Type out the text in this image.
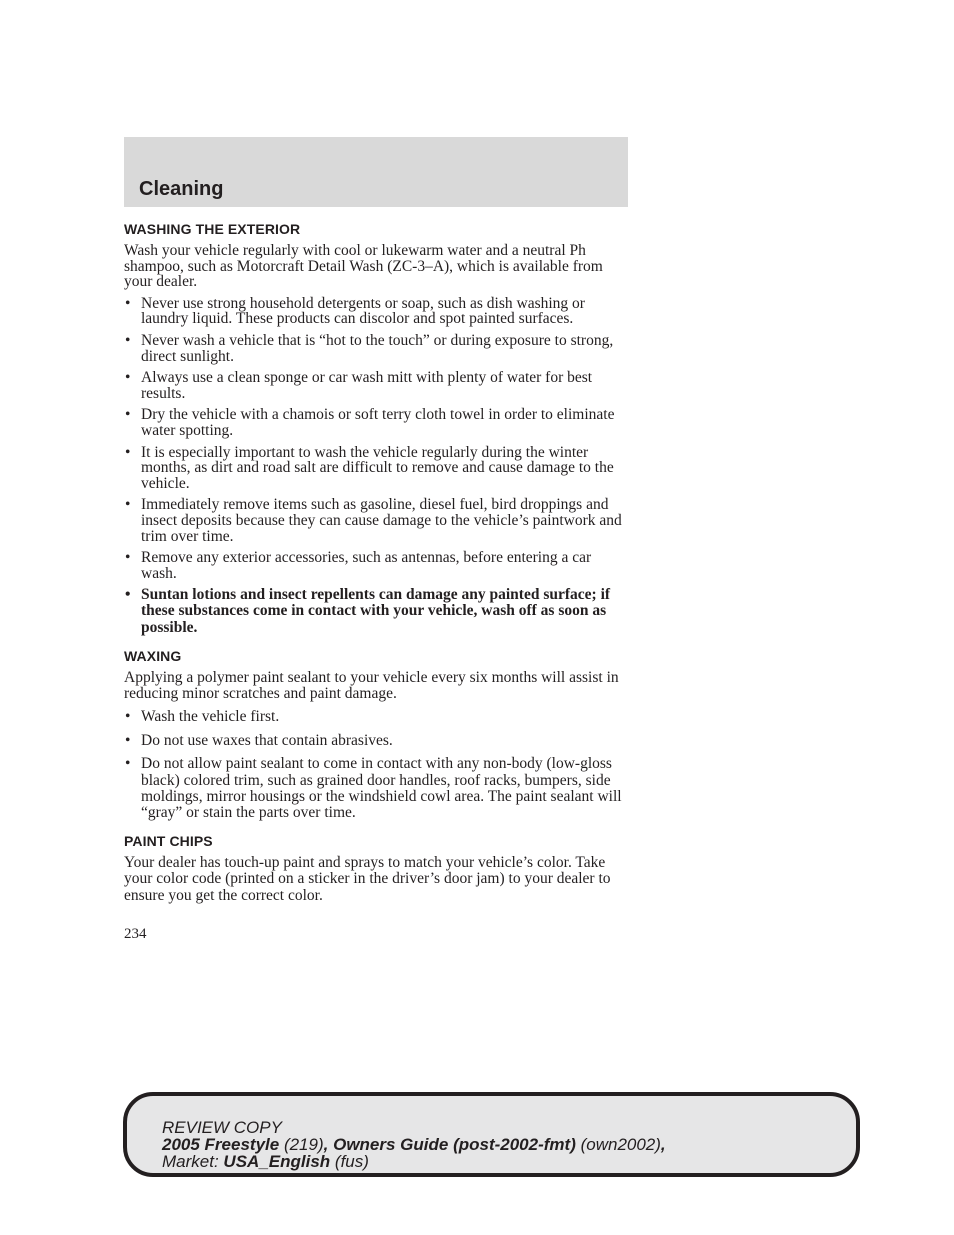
Cleaning
WASHING THE EXTERIOR

Wash your vehicle regularly with cool or lukewarm water and a neutral Ph shampoo, such as Motorcraft Detail Wash (ZC-3–A), which is available from your dealer.

• Never use strong household detergents or soap, such as dish washing or laundry liquid. These products can discolor and spot painted surfaces.
• Never wash a vehicle that is “hot to the touch” or during exposure to strong, direct sunlight.
• Always use a clean sponge or car wash mitt with plenty of water for best results.
• Dry the vehicle with a chamois or soft terry cloth towel in order to eliminate water spotting.
• It is especially important to wash the vehicle regularly during the winter months, as dirt and road salt are difficult to remove and cause damage to the vehicle.
• Immediately remove items such as gasoline, diesel fuel, bird droppings and insect deposits because they can cause damage to the vehicle’s paintwork and trim over time.
• Remove any exterior accessories, such as antennas, before entering a car wash.
• Suntan lotions and insect repellents can damage any painted surface; if these substances come in contact with your vehicle, wash off as soon as possible.
WAXING

Applying a polymer paint sealant to your vehicle every six months will assist in reducing minor scratches and paint damage.

• Wash the vehicle first.
• Do not use waxes that contain abrasives.
• Do not allow paint sealant to come in contact with any non-body (low-gloss black) colored trim, such as grained door handles, roof racks, bumpers, side moldings, mirror housings or the windshield cowl area. The paint sealant will “gray” or stain the parts over time.
PAINT CHIPS

Your dealer has touch-up paint and sprays to match your vehicle’s color. Take your color code (printed on a sticker in the driver’s door jam) to your dealer to ensure you get the correct color.

234
REVIEW COPY
2005 Freestyle (219), Owners Guide (post-2002-fmt) (own2002),
Market: USA_English (fus)
